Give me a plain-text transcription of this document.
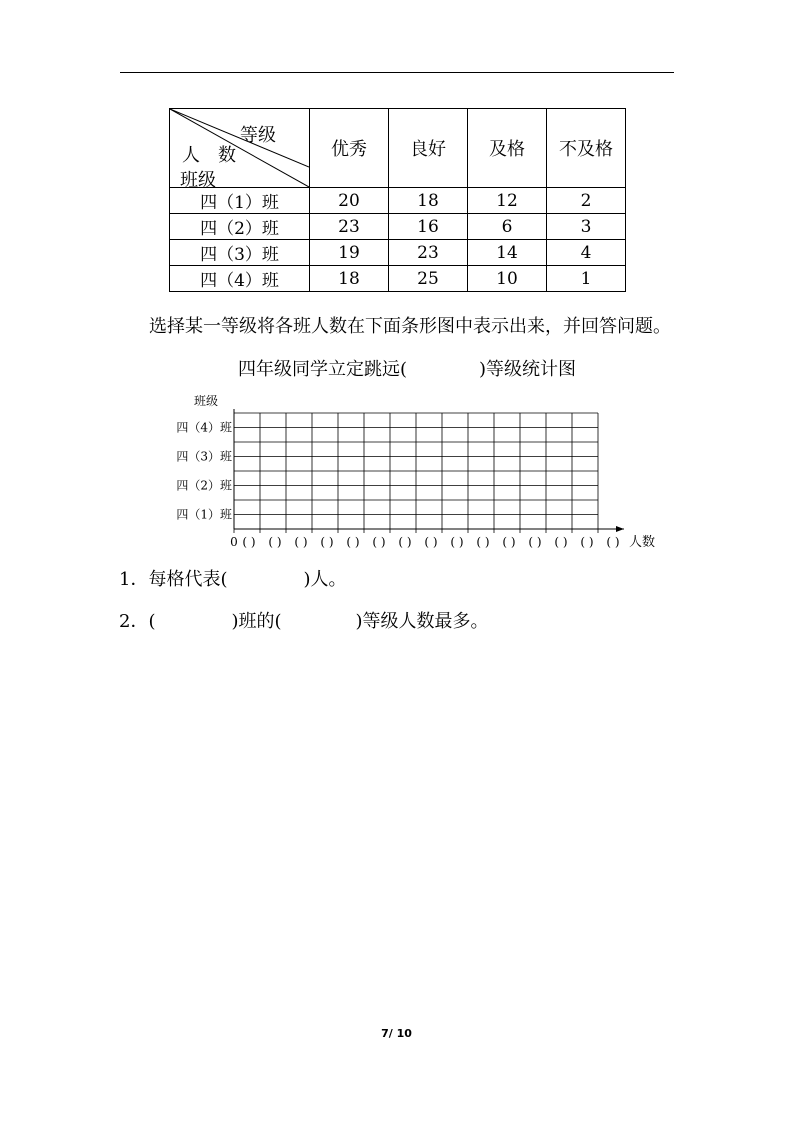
等级
人 数
班级	优秀	良好	及格	不及格
四（1）班	20	18	12	2
四（2）班	23	16	6	3
四（3）班	19	23	14	4
四（4）班	18	25	10	1
选择某一等级将各班人数在下面条形图中表示出来，并回答问题。
四年级同学立定跳远(	)等级统计图
班级
四（4）班
四（3）班
四（2）班
四（1）班
0 ( ) ( ) ( ) ( ) ( ) ( ) ( ) ( ) ( ) ( ) ( ) ( ) ( ) ( ) ( ) 人数
1．每格代表(	)人。
2．(	)班的(	)等级人数最多。
7/ 10
